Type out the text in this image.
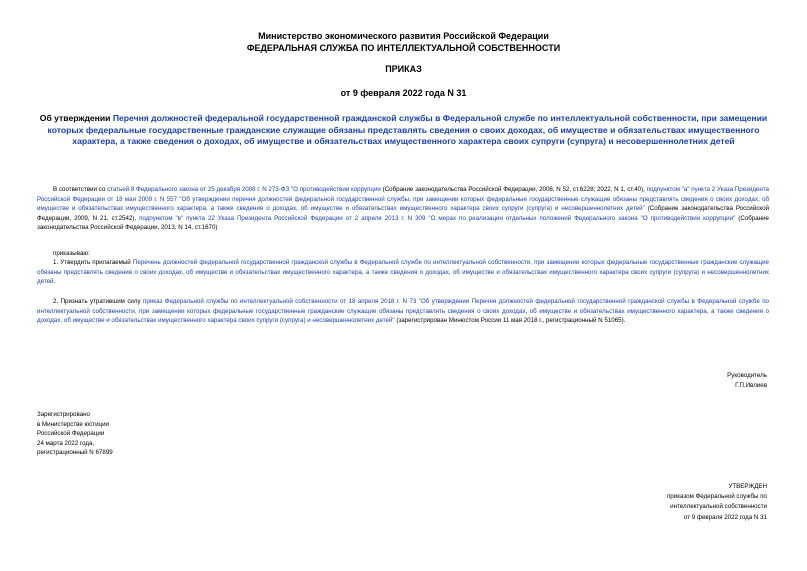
Министерство экономического развития Российской Федерации
ФЕДЕРАЛЬНАЯ СЛУЖБА ПО ИНТЕЛЛЕКТУАЛЬНОЙ СОБСТВЕННОСТИ
ПРИКАЗ
от 9 февраля 2022 года N 31
Об утверждении Перечня должностей федеральной государственной гражданской службы в Федеральной службе по интеллектуальной собственности, при замещении которых федеральные государственные гражданские служащие обязаны представлять сведения о своих доходах, об имуществе и обязательствах имущественного характера, а также сведения о доходах, об имуществе и обязательствах имущественного характера своих супруги (супруга) и несовершеннолетних детей
В соответствии со статьей 8 Федерального закона от 25 декабря 2008 г. N 273-ФЗ "О противодействии коррупции (Собрание законодательства Российской Федерации, 2008, N 52, ст.6228; 2022, N 1, ст.40), подпунктом "а" пункта 2 Указа Президента Российской Федерации от 18 мая 2009 г. N 557 "Об утверждении перечня должностей федеральной государственной службы, при замещении которых федеральные государственные служащие обязаны представлять сведения о своих доходах, об имуществе и обязательствах имущественного характера, а также сведения о доходах, об имуществе и обязательствах имущественного характера своих супруги (супруга) и несовершеннолетних детей" (Собрание законодательства Российской Федерации, 2009, N 21, ст.2542), подпунктом "в" пункта 22 Указа Президента Российской Федерации от 2 апреля 2013 г. N 309 "О мерах по реализации отдельных положений Федерального закона "О противодействии коррупции" (Собрание законодательства Российской Федерации, 2013, N 14, ст.1670)
приказываю:
1. Утвердить прилагаемый Перечень должностей федеральной государственной гражданской службы в Федеральной службе по интеллектуальной собственности, при замещении которых федеральные государственные гражданские служащие обязаны представлять сведения о своих доходах, об имуществе и обязательствах имущественного характера, а также сведения о доходах, об имуществе и обязательствах имущественного характера своих супруги (супруга) и несовершеннолетних детей.
2. Признать утратившим силу приказ Федеральной службы по интеллектуальной собственности от 18 апреля 2018 г. N 73 "Об утверждении Перечня должностей федеральной государственной гражданской службы в Федеральной службе по интеллектуальной собственности, при замещении которых федеральные государственные гражданские служащие обязаны представлять сведения о своих доходах, об имуществе и обязательствах имущественного характера, а также сведения о доходах, об имуществе и обязательствах имущественного характера своих супруги (супруга) и несовершеннолетних детей" (зарегистрирован Минюстом России 11 мая 2018 г., регистрационный N 51065).
Руководитель
Г.П.Ивлиев
Зарегистрировано
в Министерстве юстиции
Российской Федерации
24 марта 2022 года,
регистрационный N 67899
УТВЕРЖДЕН
приказом Федеральной службы по
интеллектуальной собственности
от 9 февраля 2022 года N 31
